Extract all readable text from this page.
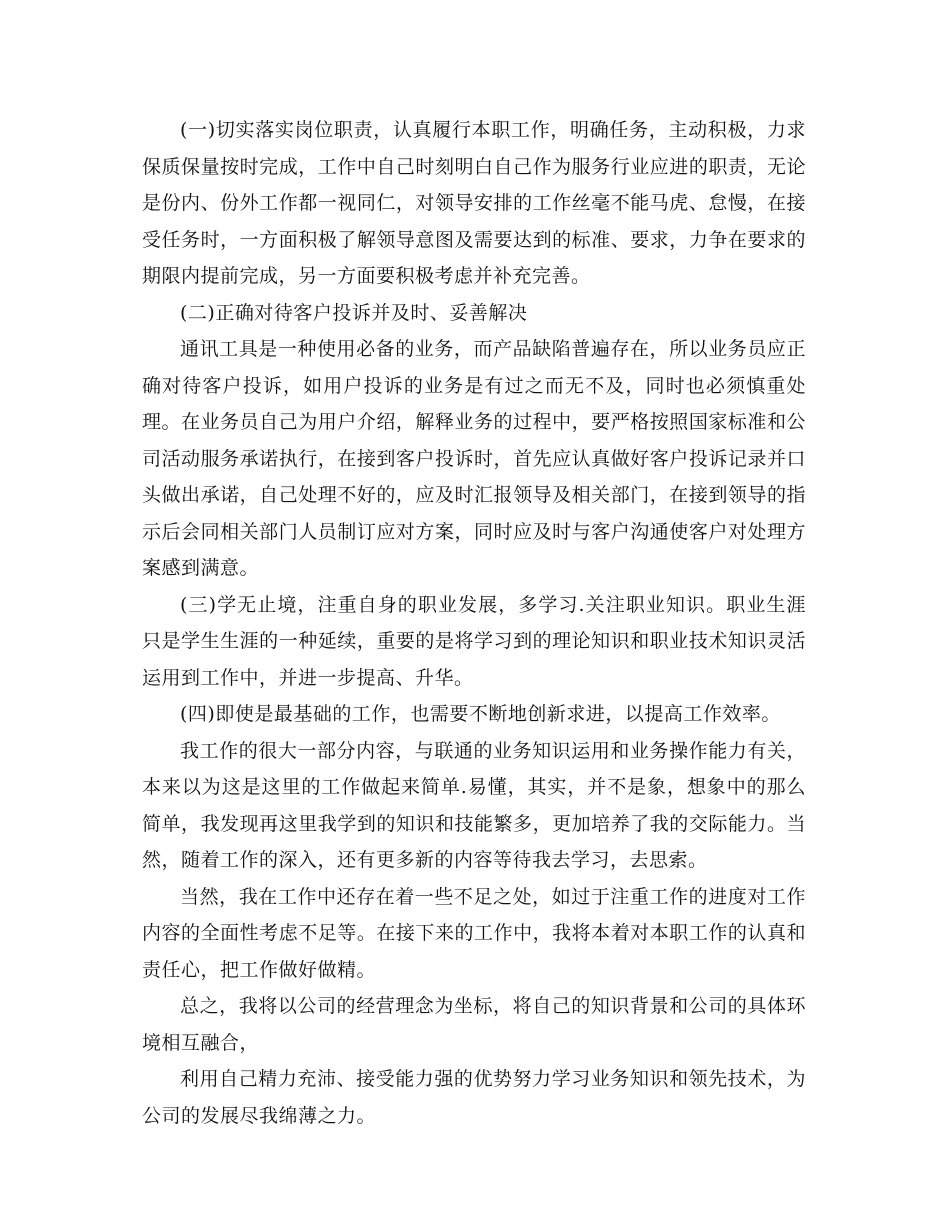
(一)切实落实岗位职责，认真履行本职工作，明确任务，主动积极，力求保质保量按时完成，工作中自己时刻明白自己作为服务行业应进的职责，无论是份内、份外工作都一视同仁，对领导安排的工作丝毫不能马虎、怠慢，在接受任务时，一方面积极了解领导意图及需要达到的标准、要求，力争在要求的期限内提前完成，另一方面要积极考虑并补充完善。

(二)正确对待客户投诉并及时、妥善解决

通讯工具是一种使用必备的业务，而产品缺陷普遍存在，所以业务员应正确对待客户投诉，如用户投诉的业务是有过之而无不及，同时也必须慎重处理。在业务员自己为用户介绍，解释业务的过程中，要严格按照国家标准和公司活动服务承诺执行，在接到客户投诉时，首先应认真做好客户投诉记录并口头做出承诺，自己处理不好的，应及时汇报领导及相关部门，在接到领导的指示后会同相关部门人员制订应对方案，同时应及时与客户沟通使客户对处理方案感到满意。

(三)学无止境，注重自身的职业发展，多学习.关注职业知识。职业生涯只是学生生涯的一种延续，重要的是将学习到的理论知识和职业技术知识灵活运用到工作中，并进一步提高、升华。

(四)即使是最基础的工作，也需要不断地创新求进，以提高工作效率。

我工作的很大一部分内容，与联通的业务知识运用和业务操作能力有关，本来以为这是这里的工作做起来简单.易懂，其实，并不是象，想象中的那么简单，我发现再这里我学到的知识和技能繁多，更加培养了我的交际能力。当然，随着工作的深入，还有更多新的内容等待我去学习，去思索。

当然，我在工作中还存在着一些不足之处，如过于注重工作的进度对工作内容的全面性考虑不足等。在接下来的工作中，我将本着对本职工作的认真和责任心，把工作做好做精。

总之，我将以公司的经营理念为坐标，将自己的知识背景和公司的具体环境相互融合，

利用自己精力充沛、接受能力强的优势努力学习业务知识和领先技术，为公司的发展尽我绵薄之力。
